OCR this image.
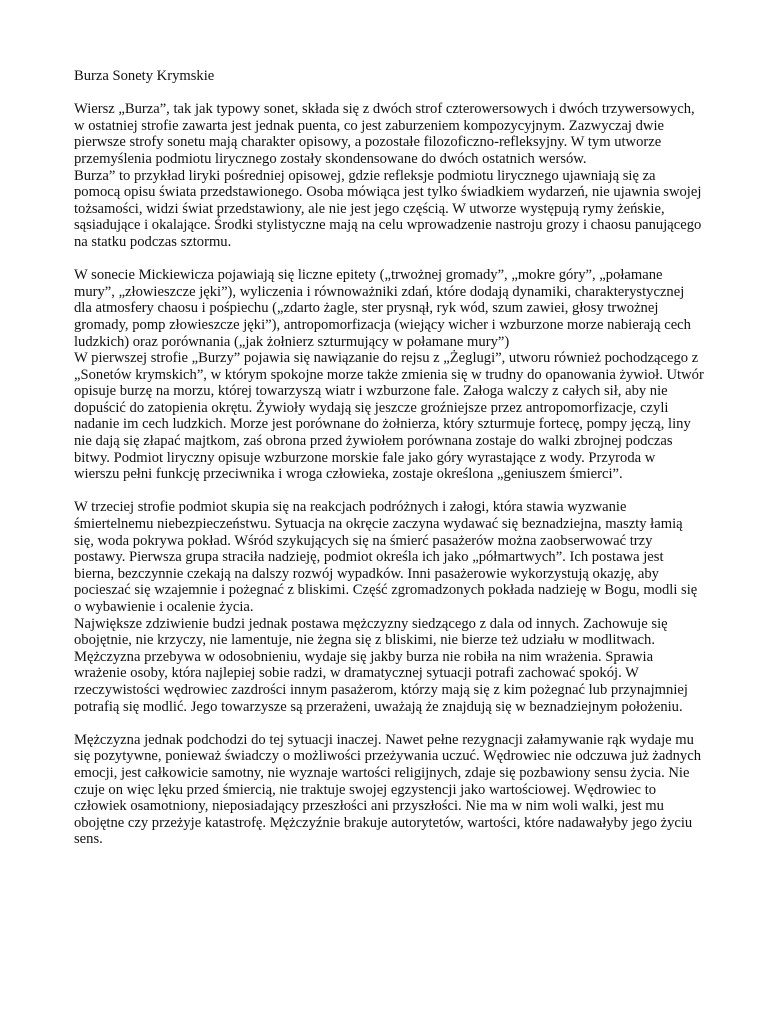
Burza Sonety Krymskie

Wiersz „Burza”, tak jak typowy sonet, składa się z dwóch strof czterowersowych i dwóch trzywersowych, w ostatniej strofie zawarta jest jednak puenta, co jest zaburzeniem kompozycyjnym. Zazwyczaj dwie pierwsze strofy sonetu mają charakter opisowy, a pozostałe filozoficzno-refleksyjny. W tym utworze przemyślenia podmiotu lirycznego zostały skondensowane do dwóch ostatnich wersów.

Burza” to przykład liryki pośredniej opisowej, gdzie refleksje podmiotu lirycznego ujawniają się za pomocą opisu świata przedstawionego. Osoba mówiąca jest tylko świadkiem wydarzeń, nie ujawnia swojej tożsamości, widzi świat przedstawiony, ale nie jest jego częścią. W utworze występują rymy żeńskie, sąsiadujące i okalające. Środki stylistyczne mają na celu wprowadzenie nastroju grozy i chaosu panującego na statku podczas sztormu.

W sonecie Mickiewicza pojawiają się liczne epitety („trwożnej gromady”, „mokre góry”, „połamane mury”, „złowieszcze jęki”), wyliczenia i równoważniki zdań, które dodają dynamiki, charakterystycznej dla atmosfery chaosu i pośpiechu („zdarto żagle, ster prysnął, ryk wód, szum zawiei, głosy trwożnej gromady, pomp złowieszcze jęki”), antropomorfizacja (wiejący wicher i wzburzone morze nabierają cech ludzkich) oraz porównania („jak żołnierz szturmujący w połamane mury”)

W pierwszej strofie „Burzy” pojawia się nawiązanie do rejsu z „Żeglugi”, utworu również pochodzącego z „Sonetów krymskich”, w którym spokojne morze także zmienia się w trudny do opanowania żywioł. Utwór opisuje burzę na morzu, której towarzyszą wiatr i wzburzone fale. Załoga walczy z całych sił, aby nie dopuścić do zatopienia okrętu. Żywioły wydają się jeszcze groźniejsze przez antropomorfizacje, czyli nadanie im cech ludzkich. Morze jest porównane do żołnierza, który szturmuje fortecę, pompy jęczą, liny nie dają się złapać majtkom, zaś obrona przed żywiołem porównana zostaje do walki zbrojnej podczas bitwy. Podmiot liryczny opisuje wzburzone morskie fale jako góry wyrastające z wody. Przyroda w wierszu pełni funkcję przeciwnika i wroga człowieka, zostaje określona „geniuszem śmierci”.

W trzeciej strofie podmiot skupia się na reakcjach podróżnych i załogi, która stawia wyzwanie śmiertelnemu niebezpieczeństwu. Sytuacja na okręcie zaczyna wydawać się beznadziejna, maszty łamią się, woda pokrywa pokład. Wśród szykujących się na śmierć pasażerów można zaobserwować trzy postawy. Pierwsza grupa straciła nadzieję, podmiot określa ich jako „półmartwych”. Ich postawa jest bierna, bezczynnie czekają na dalszy rozwój wypadków. Inni pasażerowie wykorzystują okazję, aby pocieszać się wzajemnie i pożegnać z bliskimi. Część zgromadzonych pokłada nadzieję w Bogu, modli się o wybawienie i ocalenie życia.

Największe zdziwienie budzi jednak postawa mężczyzny siedzącego z dala od innych. Zachowuje się obojętnie, nie krzyczy, nie lamentuje, nie żegna się z bliskimi, nie bierze też udziału w modlitwach. Mężczyzna przebywa w odosobnieniu, wydaje się jakby burza nie robiła na nim wrażenia. Sprawia wrażenie osoby, która najlepiej sobie radzi, w dramatycznej sytuacji potrafi zachować spokój. W rzeczywistości wędrowiec zazdrości innym pasażerom, którzy mają się z kim pożegnać lub przynajmniej potrafią się modlić. Jego towarzysze są przerażeni, uważają że znajdują się w beznadziejnym położeniu.

Mężczyzna jednak podchodzi do tej sytuacji inaczej. Nawet pełne rezygnacji załamywanie rąk wydaje mu się pozytywne, ponieważ świadczy o możliwości przeżywania uczuć. Wędrowiec nie odczuwa już żadnych emocji, jest całkowicie samotny, nie wyznaje wartości religijnych, zdaje się pozbawiony sensu życia. Nie czuje on więc lęku przed śmiercią, nie traktuje swojej egzystencji jako wartościowej. Wędrowiec to człowiek osamotniony, nieposiadający przeszłości ani przyszłości. Nie ma w nim woli walki, jest mu obojętne czy przeżyje katastrofę. Mężczyźnie brakuje autorytetów, wartości, które nadawałyby jego życiu sens.
